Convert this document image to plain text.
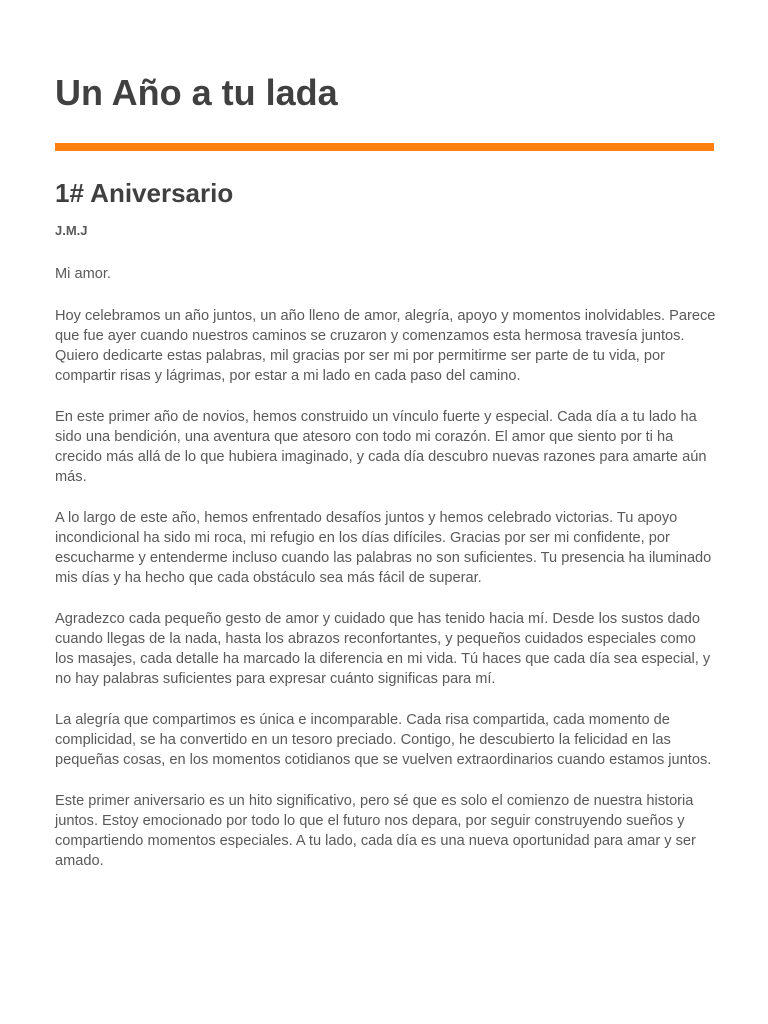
Un Año a tu lada
1# Aniversario

J.M.J

Mi amor.

Hoy celebramos un año juntos, un año lleno de amor, alegría, apoyo y momentos inolvidables. Parece que fue ayer cuando nuestros caminos se cruzaron y comenzamos esta hermosa travesía juntos. Quiero dedicarte estas palabras, mil gracias por ser mi por permitirme ser parte de tu vida, por compartir risas y lágrimas, por estar a mi lado en cada paso del camino.

En este primer año de novios, hemos construido un vínculo fuerte y especial. Cada día a tu lado ha sido una bendición, una aventura que atesoro con todo mi corazón. El amor que siento por ti ha crecido más allá de lo que hubiera imaginado, y cada día descubro nuevas razones para amarte aún más.

A lo largo de este año, hemos enfrentado desafíos juntos y hemos celebrado victorias. Tu apoyo incondicional ha sido mi roca, mi refugio en los días difíciles. Gracias por ser mi confidente, por escucharme y entenderme incluso cuando las palabras no son suficientes. Tu presencia ha iluminado mis días y ha hecho que cada obstáculo sea más fácil de superar.

Agradezco cada pequeño gesto de amor y cuidado que has tenido hacia mí. Desde los sustos dado cuando llegas de la nada, hasta los abrazos reconfortantes, y pequeños cuidados especiales como los masajes, cada detalle ha marcado la diferencia en mi vida. Tú haces que cada día sea especial, y no hay palabras suficientes para expresar cuánto significas para mí.

La alegría que compartimos es única e incomparable. Cada risa compartida, cada momento de complicidad, se ha convertido en un tesoro preciado. Contigo, he descubierto la felicidad en las pequeñas cosas, en los momentos cotidianos que se vuelven extraordinarios cuando estamos juntos.

Este primer aniversario es un hito significativo, pero sé que es solo el comienzo de nuestra historia juntos. Estoy emocionado por todo lo que el futuro nos depara, por seguir construyendo sueños y compartiendo momentos especiales. A tu lado, cada día es una nueva oportunidad para amar y ser amado.
